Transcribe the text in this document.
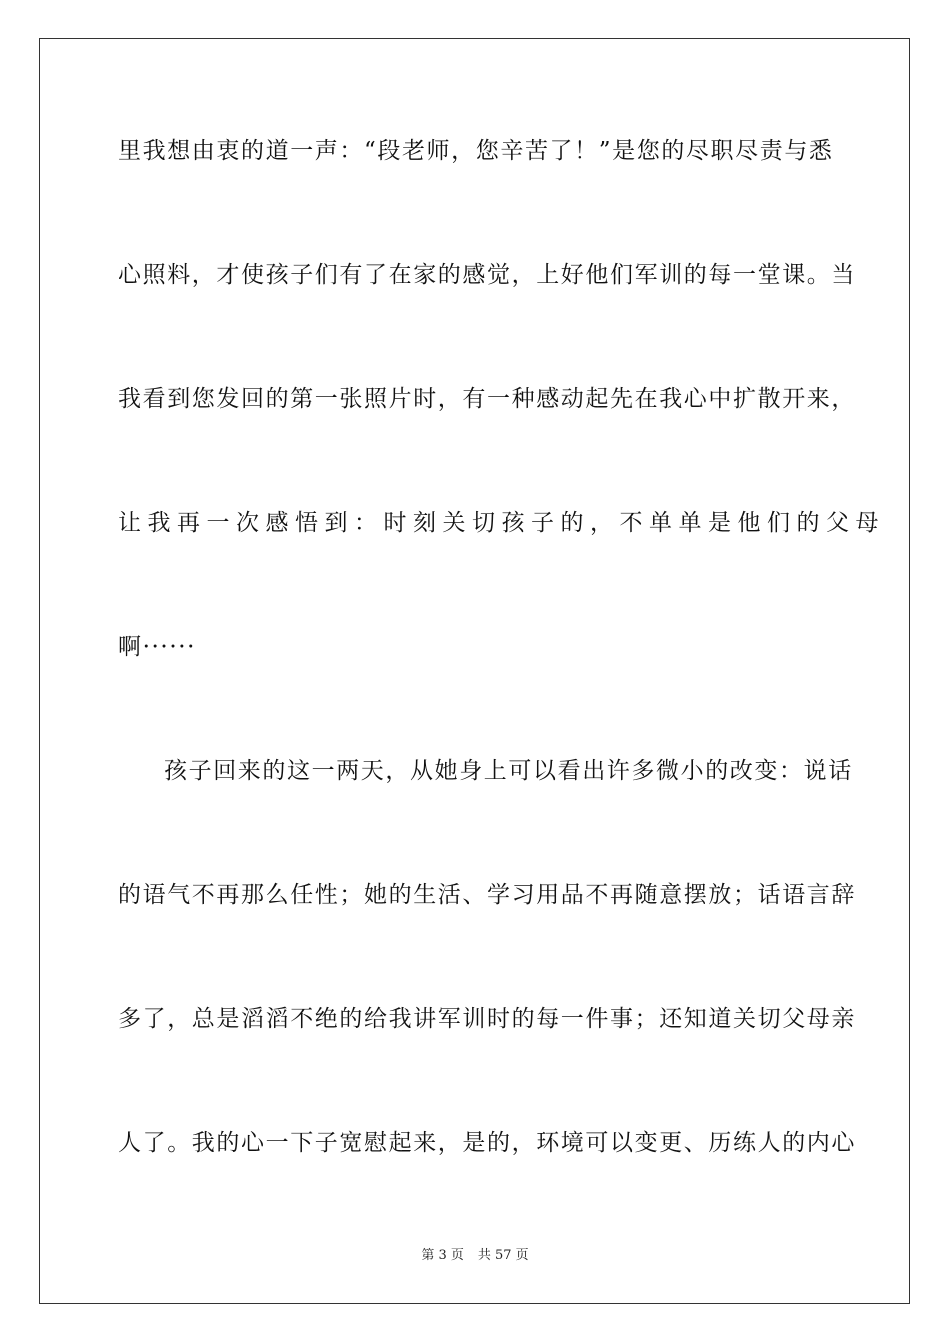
里我想由衷的道一声：“段老师，您辛苦了！”是您的尽职尽责与悉
心照料，才使孩子们有了在家的感觉，上好他们军训的每一堂课。当
我看到您发回的第一张照片时，有一种感动起先在我心中扩散开来，
让我再一次感悟到：时刻关切孩子的，不单单是他们的父母
啊······
孩子回来的这一两天，从她身上可以看出许多微小的改变：说话
的语气不再那么任性；她的生活、学习用品不再随意摆放；话语言辞
多了，总是滔滔不绝的给我讲军训时的每一件事；还知道关切父母亲
人了。我的心一下子宽慰起来，是的，环境可以变更、历练人的内心
第 3 页 共 57 页
